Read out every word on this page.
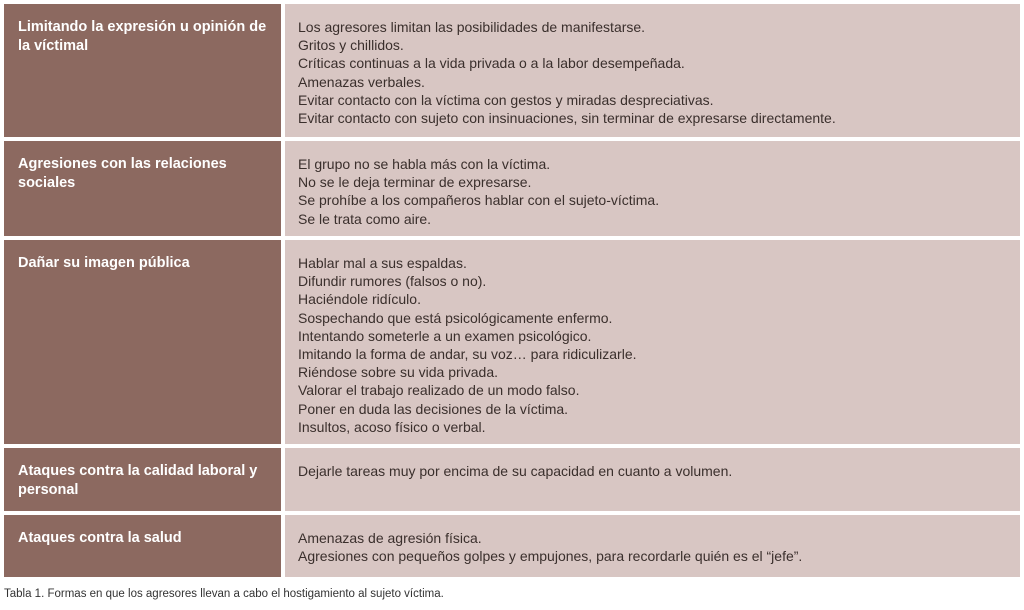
Limitando la expresión u opinión de la víctimal
Los agresores limitan las posibilidades de manifestarse.
Gritos y chillidos.
Críticas continuas a la vida privada o a la labor desempeñada.
Amenazas verbales.
Evitar contacto con la víctima con gestos y miradas despreciativas.
Evitar contacto con sujeto con insinuaciones, sin terminar de expresarse directamente.
Agresiones con las relaciones sociales
El grupo no se habla más con la víctima.
No se le deja terminar de expresarse.
Se prohíbe a los compañeros hablar con el sujeto-víctima.
Se le trata como aire.
Dañar su imagen pública	Hablar mal a sus espaldas.
Difundir rumores (falsos o no).
Haciéndole ridículo.
Sospechando que está psicológicamente enfermo.
Intentando someterle a un examen psicológico.
Imitando la forma de andar, su voz… para ridiculizarle.
Riéndose sobre su vida privada.
Valorar el trabajo realizado de un modo falso.
Poner en duda las decisiones de la víctima.
Insultos, acoso físico o verbal.
Ataques contra la calidad laboral y personal
Dejarle tareas muy por encima de su capacidad en cuanto a volumen.
Ataques contra la salud	Amenazas de agresión física.
Agresiones con pequeños golpes y empujones, para recordarle quién es el “jefe”.
Tabla 1. Formas en que los agresores llevan a cabo el hostigamiento al sujeto víctima.
